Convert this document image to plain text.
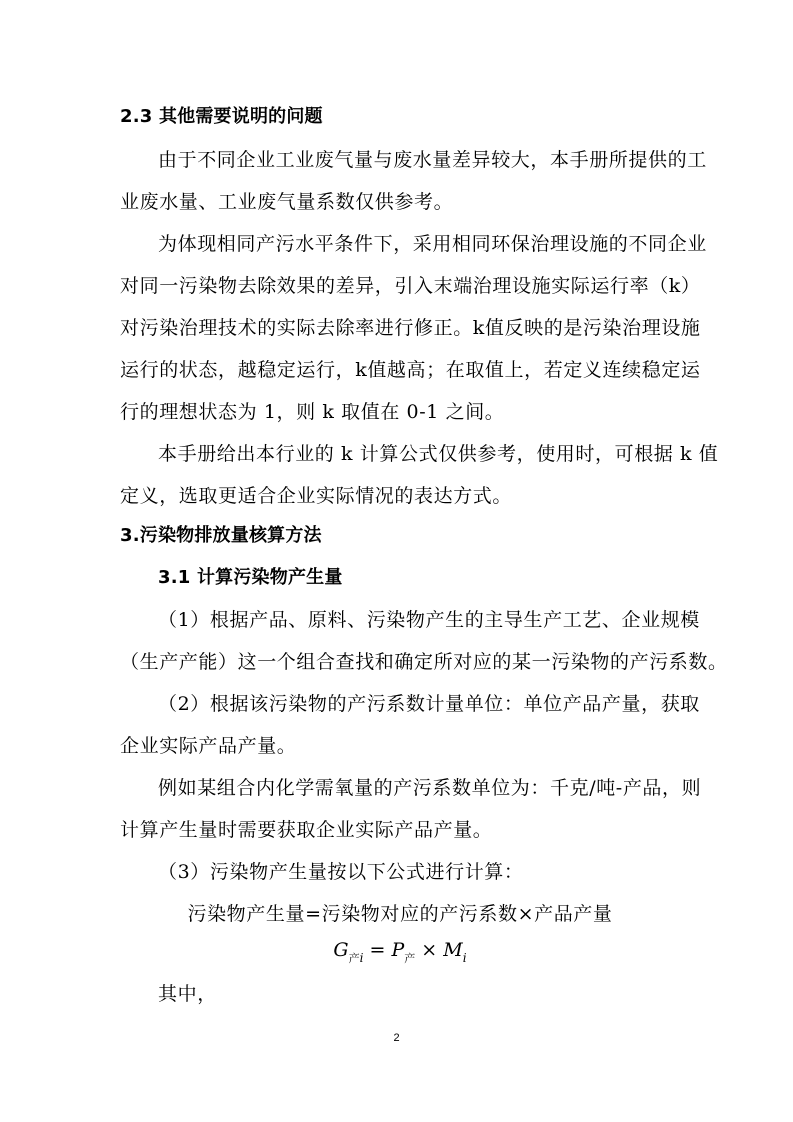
2.3 其他需要说明的问题
由于不同企业工业废气量与废水量差异较大，本手册所提供的工
业废水量、工业废气量系数仅供参考。
为体现相同产污水平条件下，采用相同环保治理设施的不同企业
对同一污染物去除效果的差异，引入末端治理设施实际运行率（k）
对污染治理技术的实际去除率进行修正。k值反映的是污染治理设施
运行的状态，越稳定运行，k值越高；在取值上，若定义连续稳定运
行的理想状态为 1，则 k 取值在 0-1 之间。
本手册给出本行业的 k 计算公式仅供参考，使用时，可根据 k 值
定义，选取更适合企业实际情况的表达方式。
3.污染物排放量核算方法
3.1 计算污染物产生量
（1）根据产品、原料、污染物产生的主导生产工艺、企业规模
（生产产能）这一个组合查找和确定所对应的某一污染物的产污系数。
（2）根据该污染物的产污系数计量单位：单位产品产量，获取
企业实际产品产量。
例如某组合内化学需氧量的产污系数单位为：千克/吨-产品，则
计算产生量时需要获取企业实际产品产量。
（3）污染物产生量按以下公式进行计算：
污染物产生量=污染物对应的产污系数×产品产量
$G_{产i} = P_产 \times M_i$
其中，
2
